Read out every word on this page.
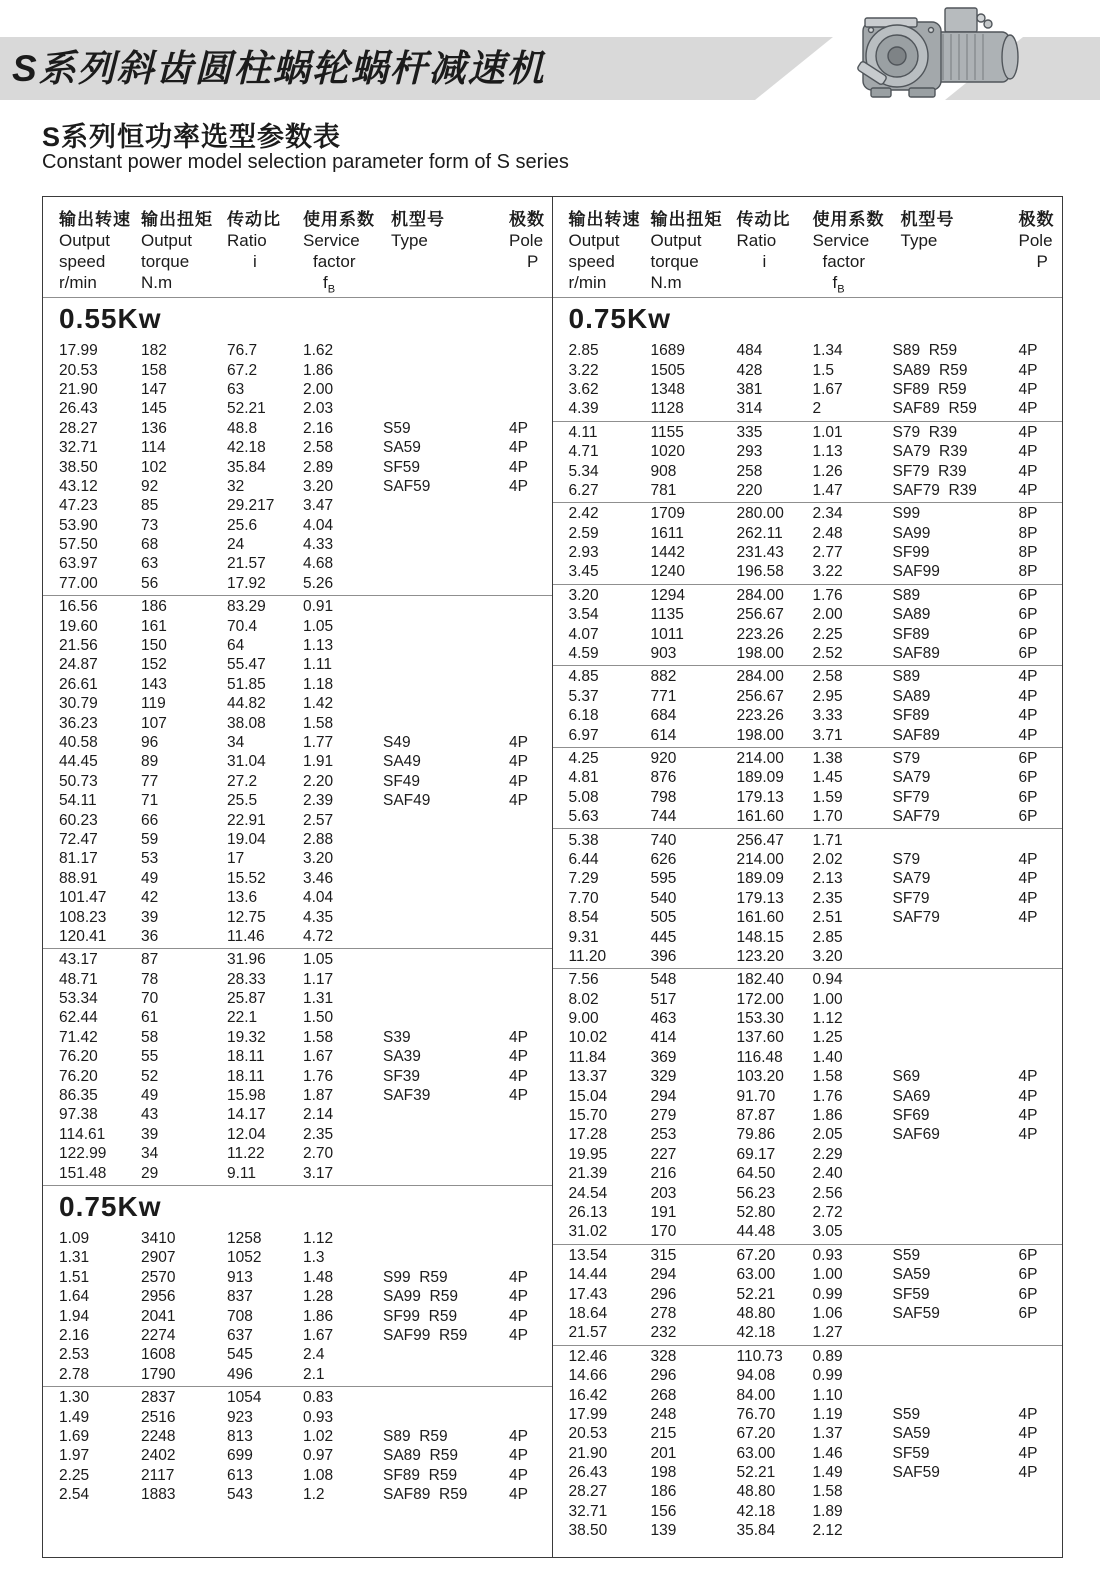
S系列斜齿圆柱蜗轮蜗杆减速机
S系列恒功率选型参数表
Constant power model selection parameter form of S series
输出转速
Output
speed
r/min
输出扭矩
Output
torque
N.m
传动比
Ratio
i
使用系数
Service
factor
$f_B$
机型号
Type
极数
Pole
P
0.55Kw
17.99	182	76.7	1.62
20.53	158	67.2	1.86
21.90	147	63	2.00
26.43	145	52.21	2.03
28.27	136	48.8	2.16	S59	4P
32.71	114	42.18	2.58	SA59	4P
38.50	102	35.84	2.89	SF59	4P
43.12	92	32	3.20	SAF59	4P
47.23	85	29.217	3.47
53.90	73	25.6	4.04
57.50	68	24	4.33
63.97	63	21.57	4.68
77.00	56	17.92	5.26
16.56	186	83.29	0.91
19.60	161	70.4	1.05
21.56	150	64	1.13
24.87	152	55.47	1.11
26.61	143	51.85	1.18
30.79	119	44.82	1.42
36.23	107	38.08	1.58
40.58	96	34	1.77	S49	4P
44.45	89	31.04	1.91	SA49	4P
50.73	77	27.2	2.20	SF49	4P
54.11	71	25.5	2.39	SAF49	4P
60.23	66	22.91	2.57
72.47	59	19.04	2.88
81.17	53	17	3.20
88.91	49	15.52	3.46
101.47	42	13.6	4.04
108.23	39	12.75	4.35
120.41	36	11.46	4.72
43.17	87	31.96	1.05
48.71	78	28.33	1.17
53.34	70	25.87	1.31
62.44	61	22.1	1.50
71.42	58	19.32	1.58	S39	4P
76.20	55	18.11	1.67	SA39	4P
76.20	52	18.11	1.76	SF39	4P
86.35	49	15.98	1.87	SAF39	4P
97.38	43	14.17	2.14
114.61	39	12.04	2.35
122.99	34	11.22	2.70
151.48	29	9.11	3.17
0.75Kw
1.09	3410	1258	1.12
1.31	2907	1052	1.3
1.51	2570	913	1.48	S99  R59	4P
1.64	2956	837	1.28	SA99  R59	4P
1.94	2041	708	1.86	SF99  R59	4P
2.16	2274	637	1.67	SAF99  R59	4P
2.53	1608	545	2.4
2.78	1790	496	2.1
1.30	2837	1054	0.83
1.49	2516	923	0.93
1.69	2248	813	1.02	S89  R59	4P
1.97	2402	699	0.97	SA89  R59	4P
2.25	2117	613	1.08	SF89  R59	4P
2.54	1883	543	1.2	SAF89  R59	4P
输出转速
Output
speed
r/min
输出扭矩
Output
torque
N.m
传动比
Ratio
i
使用系数
Service
factor
$f_B$
机型号
Type
极数
Pole
P
0.75Kw
2.85	1689	484	1.34	S89  R59	4P
3.22	1505	428	1.5	SA89  R59	4P
3.62	1348	381	1.67	SF89  R59	4P
4.39	1128	314	2	SAF89  R59	4P
4.11	1155	335	1.01	S79  R39	4P
4.71	1020	293	1.13	SA79  R39	4P
5.34	908	258	1.26	SF79  R39	4P
6.27	781	220	1.47	SAF79  R39	4P
2.42	1709	280.00	2.34	S99	8P
2.59	1611	262.11	2.48	SA99	8P
2.93	1442	231.43	2.77	SF99	8P
3.45	1240	196.58	3.22	SAF99	8P
3.20	1294	284.00	1.76	S89	6P
3.54	1135	256.67	2.00	SA89	6P
4.07	1011	223.26	2.25	SF89	6P
4.59	903	198.00	2.52	SAF89	6P
4.85	882	284.00	2.58	S89	4P
5.37	771	256.67	2.95	SA89	4P
6.18	684	223.26	3.33	SF89	4P
6.97	614	198.00	3.71	SAF89	4P
4.25	920	214.00	1.38	S79	6P
4.81	876	189.09	1.45	SA79	6P
5.08	798	179.13	1.59	SF79	6P
5.63	744	161.60	1.70	SAF79	6P
5.38	740	256.47	1.71
6.44	626	214.00	2.02	S79	4P
7.29	595	189.09	2.13	SA79	4P
7.70	540	179.13	2.35	SF79	4P
8.54	505	161.60	2.51	SAF79	4P
9.31	445	148.15	2.85
11.20	396	123.20	3.20
7.56	548	182.40	0.94
8.02	517	172.00	1.00
9.00	463	153.30	1.12
10.02	414	137.60	1.25
11.84	369	116.48	1.40
13.37	329	103.20	1.58	S69	4P
15.04	294	91.70	1.76	SA69	4P
15.70	279	87.87	1.86	SF69	4P
17.28	253	79.86	2.05	SAF69	4P
19.95	227	69.17	2.29
21.39	216	64.50	2.40
24.54	203	56.23	2.56
26.13	191	52.80	2.72
31.02	170	44.48	3.05
13.54	315	67.20	0.93	S59	6P
14.44	294	63.00	1.00	SA59	6P
17.43	296	52.21	0.99	SF59	6P
18.64	278	48.80	1.06	SAF59	6P
21.57	232	42.18	1.27
12.46	328	110.73	0.89
14.66	296	94.08	0.99
16.42	268	84.00	1.10
17.99	248	76.70	1.19	S59	4P
20.53	215	67.20	1.37	SA59	4P
21.90	201	63.00	1.46	SF59	4P
26.43	198	52.21	1.49	SAF59	4P
28.27	186	48.80	1.58
32.71	156	42.18	1.89
38.50	139	35.84	2.12
